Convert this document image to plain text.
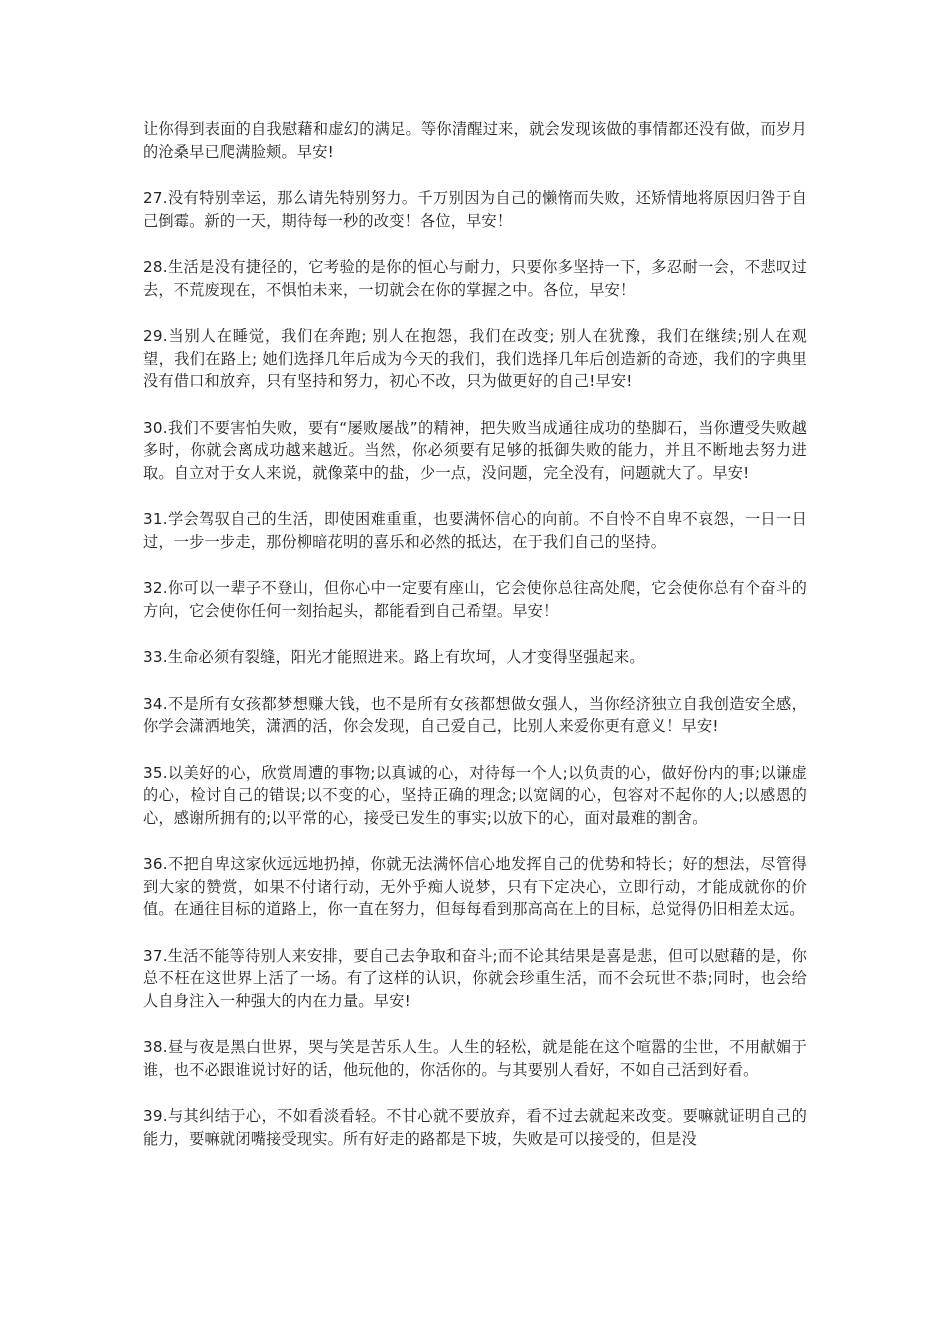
让你得到表面的自我慰藉和虚幻的满足。等你清醒过来，就会发现该做的事情都还没有做，而岁月的沧桑早已爬满脸颊。早安!

27.没有特别幸运，那么请先特别努力。千万别因为自己的懒惰而失败，还矫情地将原因归咎于自己倒霉。新的一天，期待每一秒的改变！各位，早安！

28.生活是没有捷径的，它考验的是你的恒心与耐力，只要你多坚持一下，多忍耐一会，不悲叹过去，不荒废现在，不惧怕未来，一切就会在你的掌握之中。各位，早安！

29.当别人在睡觉，我们在奔跑; 别人在抱怨，我们在改变; 别人在犹豫，我们在继续;别人在观望，我们在路上; 她们选择几年后成为今天的我们，我们选择几年后创造新的奇迹，我们的字典里没有借口和放弃，只有坚持和努力，初心不改，只为做更好的自己!早安!

30.我们不要害怕失败，要有“屡败屡战”的精神，把失败当成通往成功的垫脚石，当你遭受失败越多时，你就会离成功越来越近。当然，你必须要有足够的抵御失败的能力，并且不断地去努力进取。自立对于女人来说，就像菜中的盐，少一点，没问题，完全没有，问题就大了。早安!

31.学会驾驭自己的生活，即使困难重重，也要满怀信心的向前。不自怜不自卑不哀怨，一日一日过，一步一步走，那份柳暗花明的喜乐和必然的抵达，在于我们自己的坚持。

32.你可以一辈子不登山，但你心中一定要有座山，它会使你总往高处爬，它会使你总有个奋斗的方向，它会使你任何一刻抬起头，都能看到自己希望。早安！

33.生命必须有裂缝，阳光才能照进来。路上有坎坷，人才变得坚强起来。

34.不是所有女孩都梦想赚大钱，也不是所有女孩都想做女强人，当你经济独立自我创造安全感，你学会潇洒地笑，潇洒的活，你会发现，自己爱自己，比别人来爱你更有意义！早安!

35.以美好的心，欣赏周遭的事物;以真诚的心，对待每一个人;以负责的心，做好份内的事;以谦虚的心，检讨自己的错误;以不变的心，坚持正确的理念;以宽阔的心，包容对不起你的人;以感恩的心，感谢所拥有的;以平常的心，接受已发生的事实;以放下的心，面对最难的割舍。

36.不把自卑这家伙远远地扔掉，你就无法满怀信心地发挥自己的优势和特长；好的想法，尽管得到大家的赞赏，如果不付诸行动，无外乎痴人说梦，只有下定决心，立即行动，才能成就你的价值。在通往目标的道路上，你一直在努力，但每每看到那高高在上的目标，总觉得仍旧相差太远。

37.生活不能等待别人来安排，要自己去争取和奋斗;而不论其结果是喜是悲，但可以慰藉的是，你总不枉在这世界上活了一场。有了这样的认识，你就会珍重生活，而不会玩世不恭;同时，也会给人自身注入一种强大的内在力量。早安!

38.昼与夜是黑白世界，哭与笑是苦乐人生。人生的轻松，就是能在这个喧嚣的尘世，不用献媚于谁，也不必跟谁说讨好的话，他玩他的，你活你的。与其要别人看好，不如自己活到好看。

39.与其纠结于心，不如看淡看轻。不甘心就不要放弃，看不过去就起来改变。要嘛就证明自己的能力，要嘛就闭嘴接受现实。所有好走的路都是下坡，失败是可以接受的，但是没
